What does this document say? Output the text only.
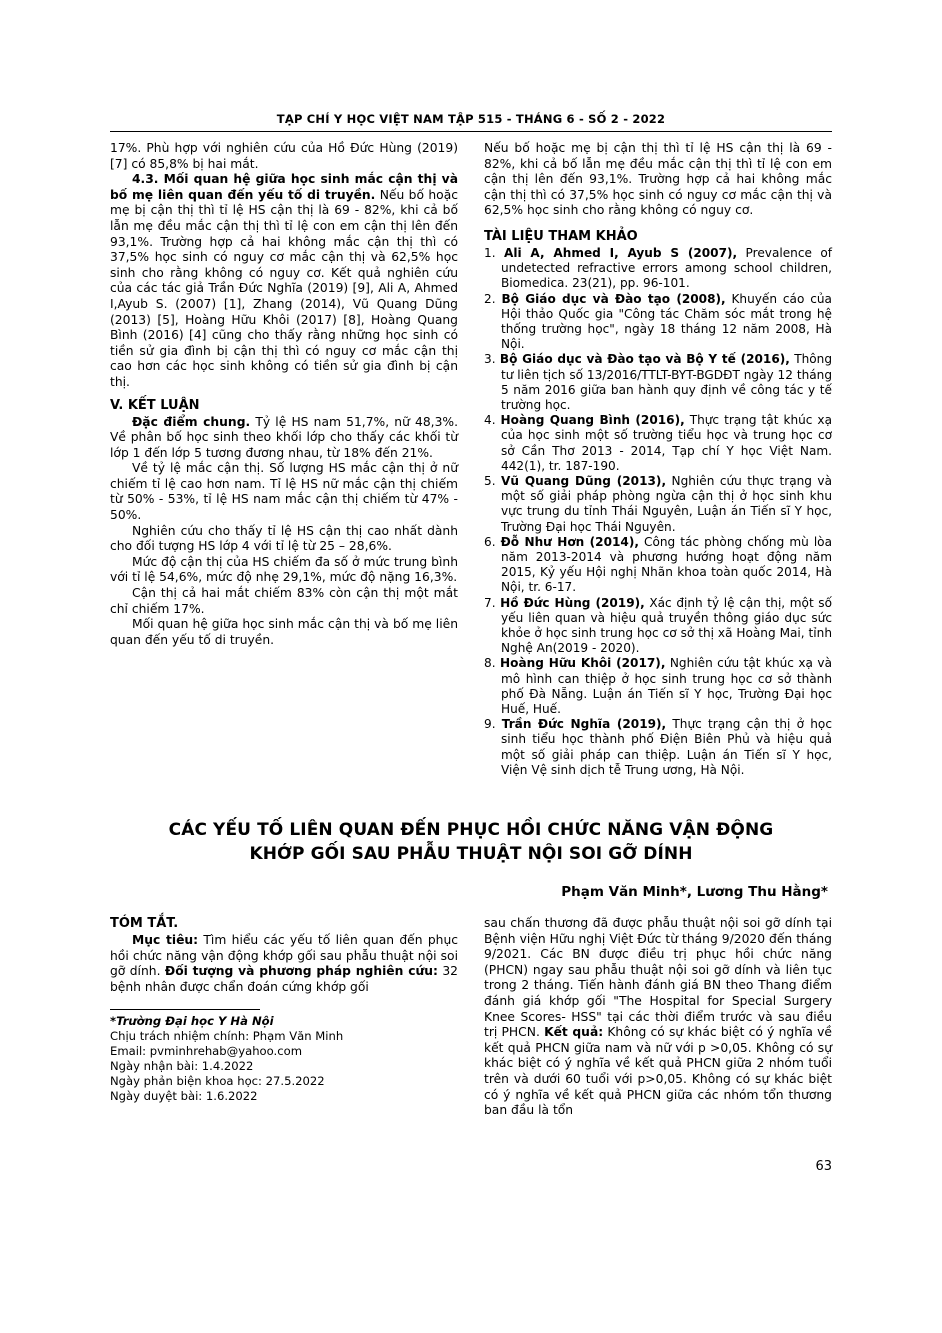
TẠP CHÍ Y HỌC VIỆT NAM TẬP 515 - THÁNG 6 - SỐ 2 - 2022

17%. Phù hợp với nghiên cứu của Hồ Đức Hùng (2019) [7] có 85,8% bị hai mắt.

4.3. Mối quan hệ giữa học sinh mắc cận thị và bố mẹ liên quan đến yếu tố di truyền. Nếu bố hoặc mẹ bị cận thị thì tỉ lệ HS cận thị là 69 - 82%, khi cả bố lẫn mẹ đều mắc cận thị thì tỉ lệ con em cận thị lên đến 93,1%. Trường hợp cả hai không mắc cận thị thì có 37,5% học sinh có nguy cơ mắc cận thị và 62,5% học sinh cho rằng không có nguy cơ. Kết quả nghiên cứu của các tác giả Trần Đức Nghĩa (2019) [9], Ali A, Ahmed I,Ayub S. (2007) [1], Zhang (2014), Vũ Quang Dũng (2013) [5], Hoàng Hữu Khôi (2017) [8], Hoàng Quang Bình (2016) [4] cũng cho thấy rằng những học sinh có tiền sử gia đình bị cận thị thì có nguy cơ mắc cận thị cao hơn các học sinh không có tiền sử gia đình bị cận thị.

V. KẾT LUẬN

Đặc điểm chung. Tỷ lệ HS nam 51,7%, nữ 48,3%. Về phân bố học sinh theo khối lớp cho thấy các khối từ lớp 1 đến lớp 5 tương đương nhau, từ 18% đến 21%.

Về tỷ lệ mắc cận thị. Số lượng HS mắc cận thị ở nữ chiếm tỉ lệ cao hơn nam. Tỉ lệ HS nữ mắc cận thị chiếm từ 50% - 53%, tỉ lệ HS nam mắc cận thị chiếm từ 47% - 50%.

Nghiên cứu cho thấy tỉ lệ HS cận thị cao nhất dành cho đối tượng HS lớp 4 với tỉ lệ từ 25 – 28,6%.

Mức độ cận thị của HS chiếm đa số ở mức trung bình với tỉ lệ 54,6%, mức độ nhẹ 29,1%, mức độ nặng 16,3%.

Cận thị cả hai mắt chiếm 83% còn cận thị một mắt chỉ chiếm 17%.

Mối quan hệ giữa học sinh mắc cận thị và bố mẹ liên quan đến yếu tố di truyền.

Nếu bố hoặc mẹ bị cận thị thì tỉ lệ HS cận thị là 69 - 82%, khi cả bố lẫn mẹ đều mắc cận thị thì tỉ lệ con em cận thị lên đến 93,1%. Trường hợp cả hai không mắc cận thị thì có 37,5% học sinh có nguy cơ mắc cận thị và 62,5% học sinh cho rằng không có nguy cơ.

TÀI LIỆU THAM KHẢO
1. Ali A, Ahmed I, Ayub S (2007), Prevalence of undetected refractive errors among school children, Biomedica. 23(21), pp. 96-101.
2. Bộ Giáo dục và Đào tạo (2008), Khuyến cáo của Hội thảo Quốc gia "Công tác Chăm sóc mắt trong hệ thống trường học", ngày 18 tháng 12 năm 2008, Hà Nội.
3. Bộ Giáo dục và Đào tạo và Bộ Y tế (2016), Thông tư liên tịch số 13/2016/TTLT-BYT-BGDĐT ngày 12 tháng 5 năm 2016 giữa ban hành quy định về công tác y tế trường học.
4. Hoàng Quang Bình (2016), Thực trạng tật khúc xạ của học sinh một số trường tiểu học và trung học cơ sở Cần Thơ 2013 - 2014, Tạp chí Y học Việt Nam. 442(1), tr. 187-190.
5. Vũ Quang Dũng (2013), Nghiên cứu thực trạng và một số giải pháp phòng ngừa cận thị ở học sinh khu vực trung du tỉnh Thái Nguyên, Luận án Tiến sĩ Y học, Trường Đại học Thái Nguyên.
6. Đỗ Như Hơn (2014), Công tác phòng chống mù lòa năm 2013-2014 và phương hướng hoạt động năm 2015, Kỷ yếu Hội nghị Nhãn khoa toàn quốc 2014, Hà Nội, tr. 6-17.
7. Hồ Đức Hùng (2019), Xác định tỷ lệ cận thị, một số yếu liên quan và hiệu quả truyền thông giáo dục sức khỏe ở học sinh trung học cơ sở thị xã Hoàng Mai, tỉnh Nghệ An(2019 - 2020).
8. Hoàng Hữu Khôi (2017), Nghiên cứu tật khúc xạ và mô hình can thiệp ở học sinh trung học cơ sở thành phố Đà Nẵng. Luận án Tiến sĩ Y học, Trường Đại học Huế, Huế.
9. Trần Đức Nghĩa (2019), Thực trạng cận thị ở học sinh tiểu học thành phố Điện Biên Phủ và hiệu quả một số giải pháp can thiệp. Luận án Tiến sĩ Y học, Viện Vệ sinh dịch tễ Trung ương, Hà Nội.
CÁC YẾU TỐ LIÊN QUAN ĐẾN PHỤC HỒI CHỨC NĂNG VẬN ĐỘNG
KHỚP GỐI SAU PHẪU THUẬT NỘI SOI GỠ DÍNH
Phạm Văn Minh*, Lương Thu Hằng*
TÓM TẮT.

Mục tiêu: Tìm hiểu các yếu tố liên quan đến phục hồi chức năng vận động khớp gối sau phẫu thuật nội soi gỡ dính. Đối tượng và phương pháp nghiên cứu: 32 bệnh nhân được chẩn đoán cứng khớp gối

*Trường Đại học Y Hà Nội
Chịu trách nhiệm chính: Phạm Văn Minh
Email: pvminhrehab@yahoo.com
Ngày nhận bài: 1.4.2022
Ngày phản biện khoa học: 27.5.2022
Ngày duyệt bài: 1.6.2022

sau chấn thương đã được phẫu thuật nội soi gỡ dính tại Bệnh viện Hữu nghị Việt Đức từ tháng 9/2020 đến tháng 9/2021. Các BN được điều trị phục hồi chức năng (PHCN) ngay sau phẫu thuật nội soi gỡ dính và liên tục trong 2 tháng. Tiến hành đánh giá BN theo Thang điểm đánh giá khớp gối "The Hospital for Special Surgery Knee Scores- HSS" tại các thời điểm trước và sau điều trị PHCN. Kết quả: Không có sự khác biệt có ý nghĩa về kết quả PHCN giữa nam và nữ với p >0,05. Không có sự khác biệt có ý nghĩa về kết quả PHCN giữa 2 nhóm tuổi trên và dưới 60 tuổi với p>0,05. Không có sự khác biệt có ý nghĩa về kết quả PHCN giữa các nhóm tổn thương ban đầu là tổn

63
